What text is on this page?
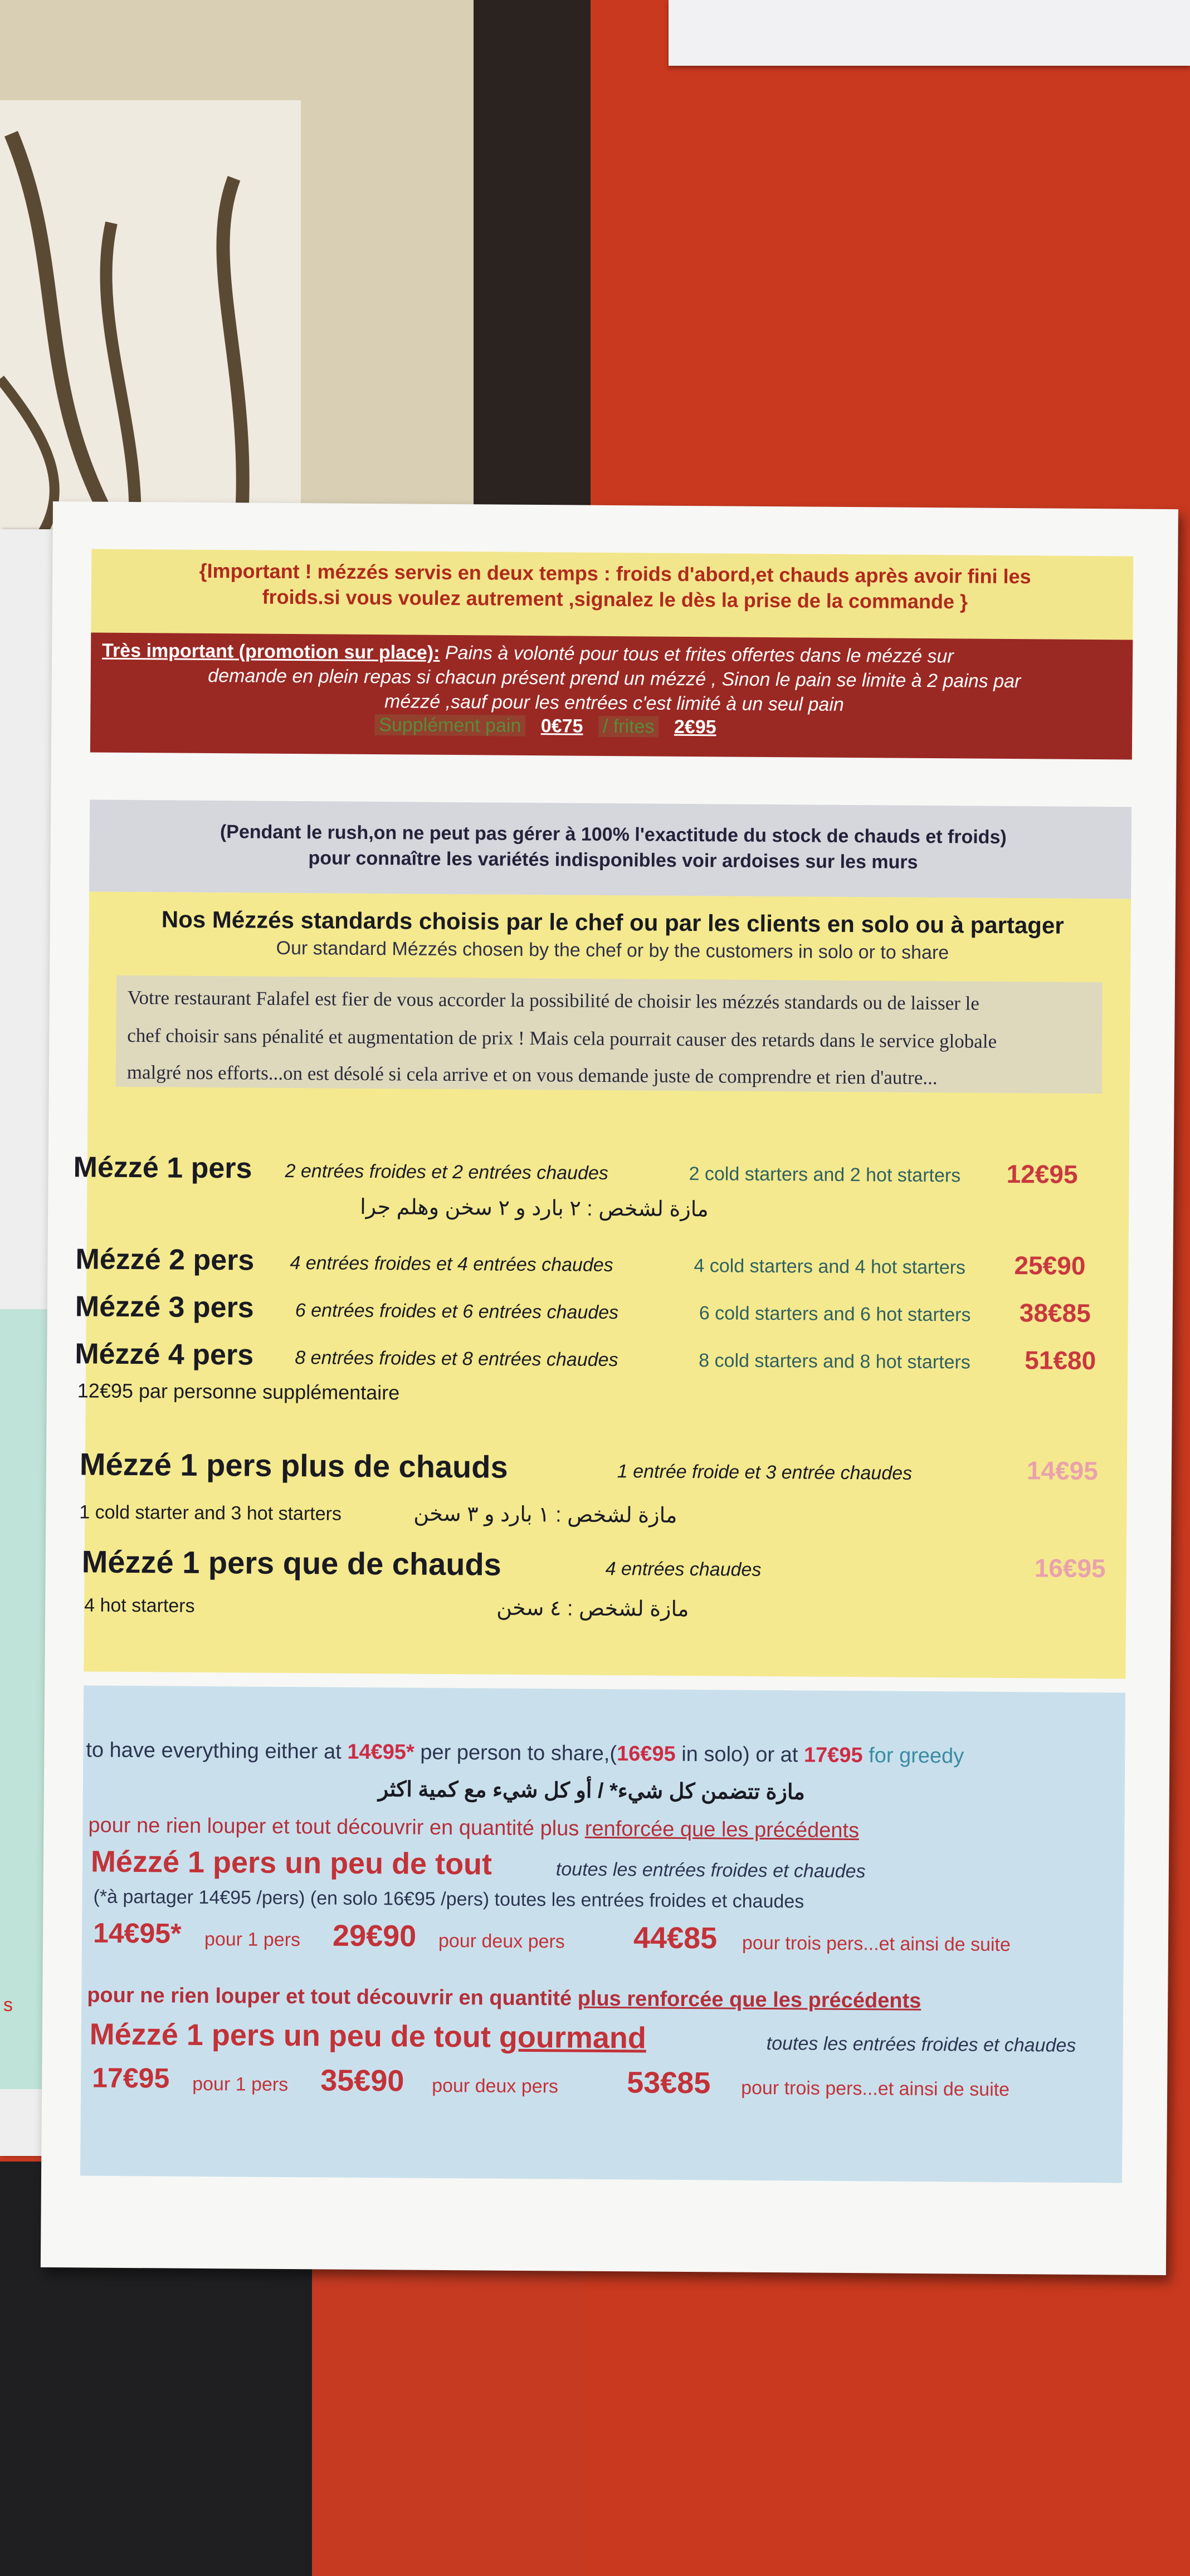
s
{Important ! mézzés servis en deux temps : froids d'abord,et chauds après avoir fini les
froids.si vous voulez autrement ,signalez le dès la prise de la commande }
Très important (promotion sur place): Pains à volonté pour tous et frites offertes dans le mézzé sur
demande en plein repas si chacun présent prend un mézzé , Sinon le pain se limite à 2 pains par
mézzé ,sauf pour les entrées c'est limité à un seul pain
Supplément pain 0€75 / frites 2€95
(Pendant le rush,on ne peut pas gérer à 100% l'exactitude du stock de chauds et froids)
pour connaître les variétés indisponibles voir ardoises sur les murs
Nos Mézzés standards choisis par le chef ou par les clients en solo ou à partager
Our standard Mézzés chosen by the chef or by the customers in solo or to share
Votre restaurant Falafel est fier de vous accorder la possibilité de choisir les mézzés standards ou de laisser le
chef choisir sans pénalité et augmentation de prix ! Mais cela pourrait causer des retards dans le service globale
malgré nos efforts...on est désolé si cela arrive et on vous demande juste de comprendre et rien d'autre...
Mézzé 1 pers 2 entrées froides et 2 entrées chaudes	2 cold starters and 2 hot starters 12€95
مازة لشخص : ٢ بارد و ٢ سخن وهلم جرا
Mézzé 2 pers 4 entrées froides et 4 entrées chaudes	4 cold starters and 4 hot starters 25€90
Mézzé 3 pers 6 entrées froides et 6 entrées chaudes	6 cold starters and 6 hot starters 38€85
Mézzé 4 pers 8 entrées froides et 8 entrées chaudes	8 cold starters and 8 hot starters 51€80
12€95 par personne supplémentaire
Mézzé 1 pers plus de chauds	1 entrée froide et 3 entrée chaudes	14€95
1 cold starter and 3 hot starters	مازة لشخص : ١ بارد و ٣ سخن
Mézzé 1 pers que de chauds	4 entrées chaudes	16€95
4 hot starters	مازة لشخص : ٤ سخن
to have everything either at 14€95* per person to share,(16€95 in solo) or at 17€95 for greedy
مازة تتضمن كل شيء* / أو كل شيء مع كمية اكثر
pour ne rien louper et tout découvrir en quantité plus renforcée que les précédents
Mézzé 1 pers un peu de tout	toutes les entrées froides et chaudes
(*à partager 14€95 /pers) (en solo 16€95 /pers) toutes les entrées froides et chaudes
14€95* pour 1 pers 29€90 pour deux pers 44€85 pour trois pers...et ainsi de suite
pour ne rien louper et tout découvrir en quantité plus renforcée que les précédents
Mézzé 1 pers un peu de tout gourmand	toutes les entrées froides et chaudes
17€95 pour 1 pers 35€90 pour deux pers 53€85 pour trois pers...et ainsi de suite
